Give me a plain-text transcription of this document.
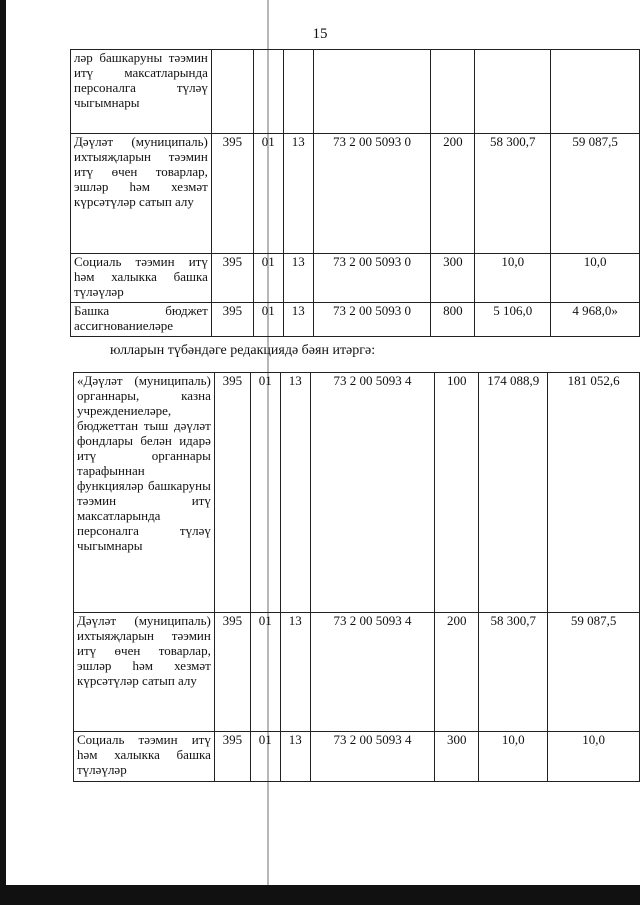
15
ләр башкаруны тәэмин итү максатларында персоналга түләү чыгымнары							
Дәүләт (муниципаль) ихтыяҗларын тәэмин итү өчен товарлар, эшләр һәм хезмәт күрсәтүләр сатып алу	395	01	13	73 2 00 5093 0	200	58 300,7	59 087,5
Социаль тәэмин итү һәм халыкка башка түләүләр	395	01	13	73 2 00 5093 0	300	10,0	10,0
Башка бюджет ассигнованиеләре	395	01	13	73 2 00 5093 0	800	5 106,0	4 968,0»
юлларын түбәндәге редакциядә бәян итәргә:
«Дәүләт (муниципаль) органнары, казна учреждениеләре, бюджеттан тыш дәүләт фондлары белән идарә итү органнары тарафыннан функцияләр башкаруны тәэмин итү максатларында персоналга түләү чыгымнары	395	01	13	73 2 00 5093 4	100	174 088,9	181 052,6
Дәүләт (муниципаль) ихтыяҗларын тәэмин итү өчен товарлар, эшләр һәм хезмәт күрсәтүләр сатып алу	395	01	13	73 2 00 5093 4	200	58 300,7	59 087,5
Социаль тәэмин итү һәм халыкка башка түләүләр	395	01	13	73 2 00 5093 4	300	10,0	10,0
